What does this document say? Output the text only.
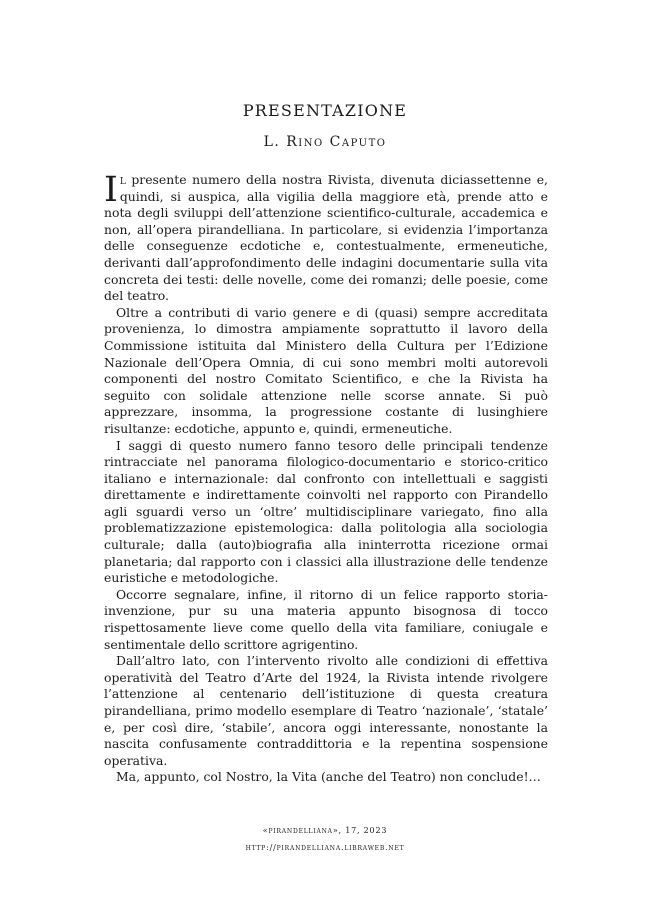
PRESENTAZIONE
L. Rino Caputo

Il presente numero della nostra Rivista, divenuta diciassettenne e, quindi, si auspica, alla vigilia della maggiore età, prende atto e nota degli sviluppi dell’attenzione scientifico-culturale, accademica e non, all’opera pirandelliana. In particolare, si evidenzia l’importanza delle conseguenze ecdotiche e, contestualmente, ermeneutiche, derivanti dall’approfondimento delle indagini documentarie sulla vita concreta dei testi: delle novelle, come dei romanzi; delle poesie, come del teatro.

Oltre a contributi di vario genere e di (quasi) sempre accreditata provenienza, lo dimostra ampiamente soprattutto il lavoro della Commissione istituita dal Ministero della Cultura per l’Edizione Nazionale dell’Opera Omnia, di cui sono membri molti autorevoli componenti del nostro Comitato Scientifico, e che la Rivista ha seguito con solidale attenzione nelle scorse annate. Si può apprezzare, insomma, la progressione costante di lusinghiere risultanze: ecdotiche, appunto e, quindi, ermeneutiche.

I saggi di questo numero fanno tesoro delle principali tendenze rintracciate nel panorama filologico-documentario e storico-critico italiano e internazionale: dal confronto con intellettuali e saggisti direttamente e indirettamente coinvolti nel rapporto con Pirandello agli sguardi verso un ‘oltre’ multidisciplinare variegato, fino alla problematizzazione epistemologica: dalla politologia alla sociologia culturale; dalla (auto)biografia alla ininterrotta ricezione ormai planetaria; dal rapporto con i classici alla illustrazione delle tendenze euristiche e metodologiche.

Occorre segnalare, infine, il ritorno di un felice rapporto storia-invenzione, pur su una materia appunto bisognosa di tocco rispettosamente lieve come quello della vita familiare, coniugale e sentimentale dello scrittore agrigentino.

Dall’altro lato, con l’intervento rivolto alle condizioni di effettiva operatività del Teatro d’Arte del 1924, la Rivista intende rivolgere l’attenzione al centenario dell’istituzione di questa creatura pirandelliana, primo modello esemplare di Teatro ‘nazionale’, ‘statale’ e, per così dire, ‘stabile’, ancora oggi interessante, nonostante la nascita confusamente contraddittoria e la repentina sospensione operativa.

Ma, appunto, col Nostro, la Vita (anche del Teatro) non conclude!…

«pirandelliana», 17, 2023
http://pirandelliana.libraweb.net
